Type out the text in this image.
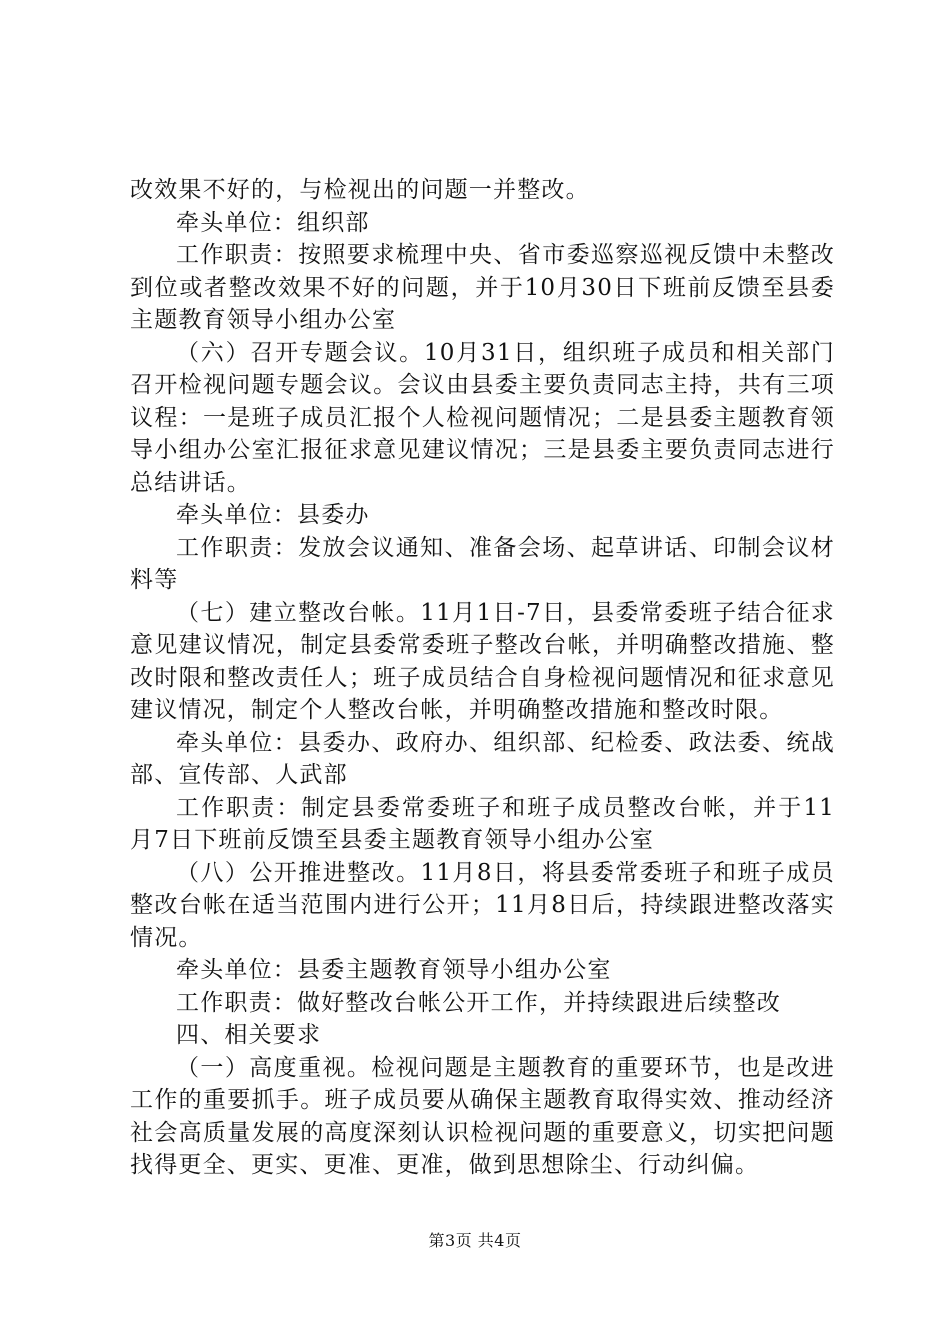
改效果不好的，与检视出的问题一并整改。

牵头单位：组织部

工作职责：按照要求梳理中央、省市委巡察巡视反馈中未整改到位或者整改效果不好的问题，并于10月30日下班前反馈至县委主题教育领导小组办公室

（六）召开专题会议。10月31日，组织班子成员和相关部门召开检视问题专题会议。会议由县委主要负责同志主持，共有三项议程：一是班子成员汇报个人检视问题情况；二是县委主题教育领导小组办公室汇报征求意见建议情况；三是县委主要负责同志进行总结讲话。

牵头单位：县委办

工作职责：发放会议通知、准备会场、起草讲话、印制会议材料等

（七）建立整改台帐。11月1日-7日，县委常委班子结合征求意见建议情况，制定县委常委班子整改台帐，并明确整改措施、整改时限和整改责任人；班子成员结合自身检视问题情况和征求意见建议情况，制定个人整改台帐，并明确整改措施和整改时限。

牵头单位：县委办、政府办、组织部、纪检委、政法委、统战部、宣传部、人武部

工作职责：制定县委常委班子和班子成员整改台帐，并于11月7日下班前反馈至县委主题教育领导小组办公室

（八）公开推进整改。11月8日，将县委常委班子和班子成员整改台帐在适当范围内进行公开；11月8日后，持续跟进整改落实情况。

牵头单位：县委主题教育领导小组办公室

工作职责：做好整改台帐公开工作，并持续跟进后续整改

四、相关要求

（一）高度重视。检视问题是主题教育的重要环节，也是改进工作的重要抓手。班子成员要从确保主题教育取得实效、推动经济社会高质量发展的高度深刻认识检视问题的重要意义，切实把问题找得更全、更实、更准、更准，做到思想除尘、行动纠偏。

第3页 共4页
